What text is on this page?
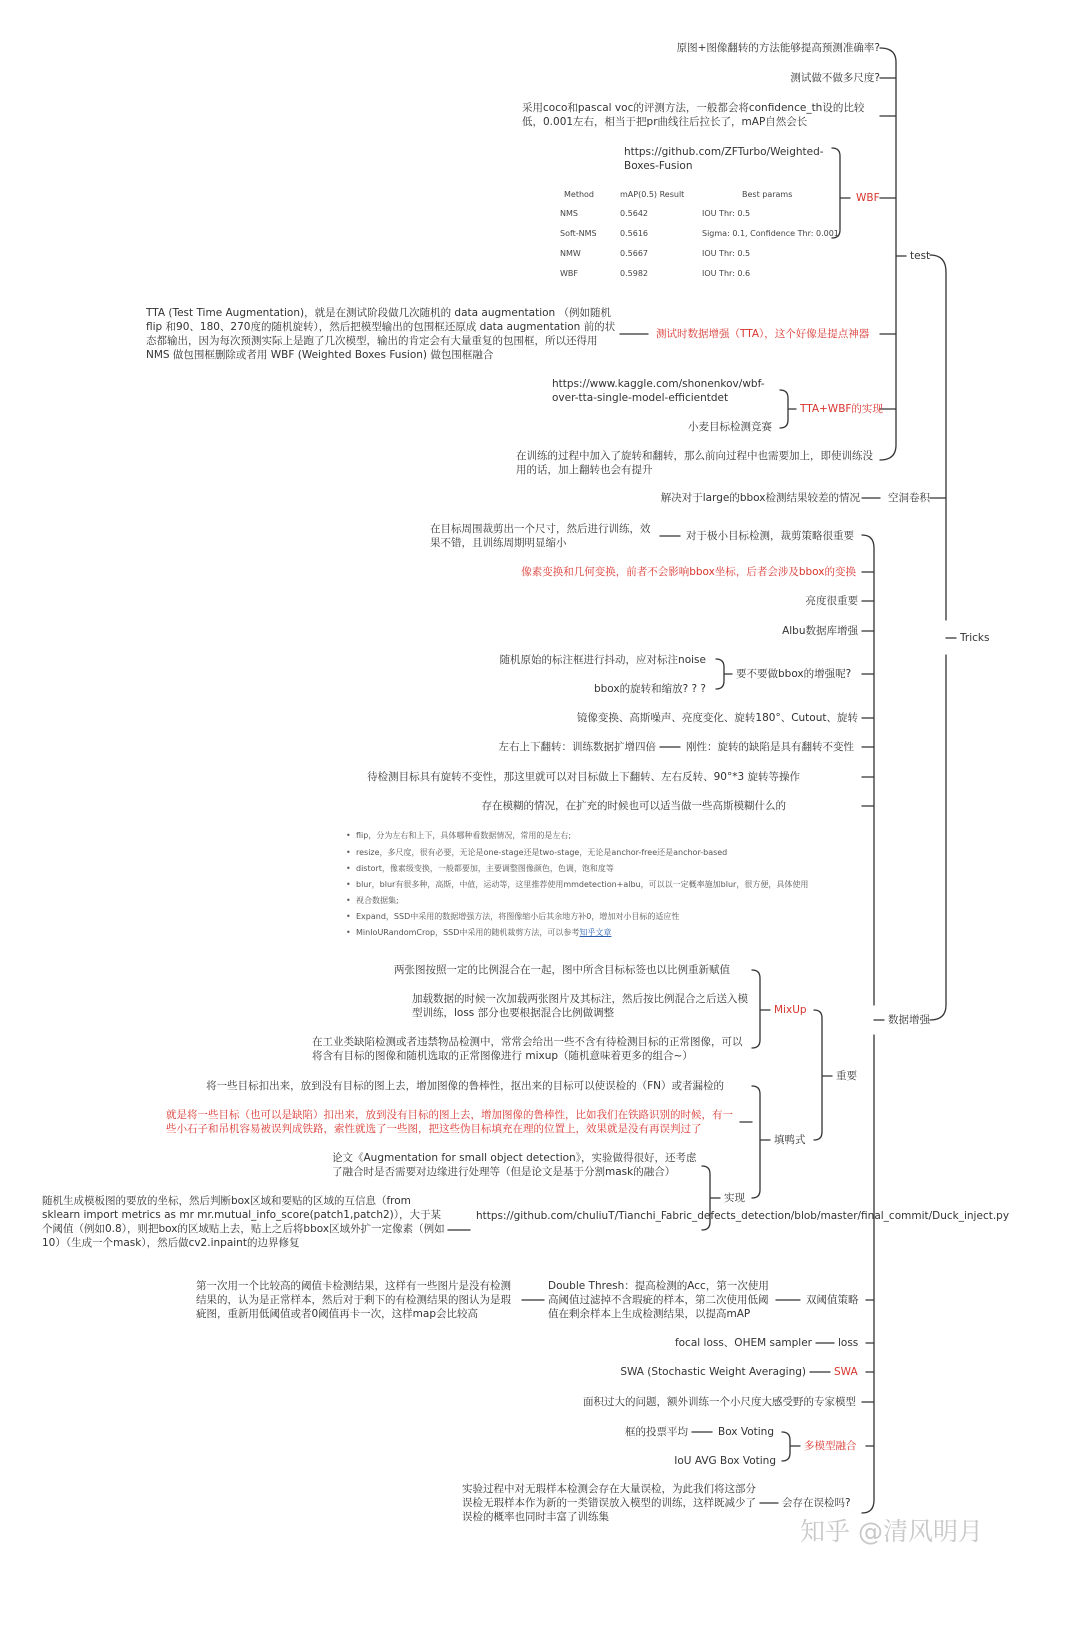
Tricks
test
数据增强
原图+图像翻转的方法能够提高预测准确率?
测试做不做多尺度?
采用coco和pascal voc的评测方法，一般都会将confidence_th设的比较低，0.001左右，相当于把pr曲线往后拉长了，mAP自然会长
WBF
https://github.com/ZFTurbo/Weighted-Boxes-Fusion
Method	mAP(0.5) Result	Best params
NMS	0.5642	IOU Thr: 0.5
Soft-NMS	0.5616	Sigma: 0.1, Confidence Thr: 0.001
NMW	0.5667	IOU Thr: 0.5
WBF	0.5982	IOU Thr: 0.6
测试时数据增强（TTA），这个好像是提点神器
TTA (Test Time Augmentation)，就是在测试阶段做几次随机的 data augmentation （例如随机flip 和90、180、270度的随机旋转），然后把模型输出的包围框还原成 data augmentation 前的状态都输出，因为每次预测实际上是跑了几次模型，输出的肯定会有大量重复的包围框，所以还得用 NMS 做包围框删除或者用 WBF (Weighted Boxes Fusion) 做包围框融合
TTA+WBF的实现
https://www.kaggle.com/shonenkov/wbf-over-tta-single-model-efficientdet
小麦目标检测竞赛
在训练的过程中加入了旋转和翻转，那么前向过程中也需要加上，即使训练没用的话，加上翻转也会有提升
空洞卷积
解决对于large的bbox检测结果较差的情况
对于极小目标检测，裁剪策略很重要
在目标周围裁剪出一个尺寸，然后进行训练，效果不错，且训练周期明显缩小
像素变换和几何变换，前者不会影响bbox坐标，后者会涉及bbox的变换
亮度很重要
Albu数据库增强
要不要做bbox的增强呢?
随机原始的标注框进行抖动，应对标注noise
bbox的旋转和缩放? ? ?
镜像变换、高斯噪声、亮度变化、旋转180°、Cutout、旋转
刚性：旋转的缺陷是具有翻转不变性
左右上下翻转：训练数据扩增四倍
待检测目标具有旋转不变性，那这里就可以对目标做上下翻转、左右反转、90°*3 旋转等操作
存在模糊的情况，在扩充的时候也可以适当做一些高斯模糊什么的
• flip，分为左右和上下，具体哪种看数据情况，常用的是左右;
• resize，多尺度，很有必要，无论是one-stage还是two-stage，无论是anchor-free还是anchor-based
• distort，像素级变换，一般都要加，主要调整图像颜色，色调，饱和度等
• blur，blur有很多种，高斯，中值，运动等，这里推荐使用mmdetection+albu，可以以一定概率施加blur，很方便，具体使用
• 视合数据集;
• Expand，SSD中采用的数据增强方法，将图像缩小后其余地方补0，增加对小目标的适应性
• MinIoURandomCrop，SSD中采用的随机裁剪方法，可以参考知乎文章
MixUp
重要
两张图按照一定的比例混合在一起，图中所含目标标签也以比例重新赋值
加载数据的时候一次加载两张图片及其标注，然后按比例混合之后送入模型训练，loss 部分也要根据混合比例做调整
在工业类缺陷检测或者违禁物品检测中，常常会给出一些不含有待检测目标的正常图像，可以将含有目标的图像和随机选取的正常图像进行 mixup（随机意味着更多的组合~）
填鸭式
将一些目标扣出来，放到没有目标的图上去，增加图像的鲁棒性，抠出来的目标可以使误检的（FN）或者漏检的
就是将一些目标（也可以是缺陷）扣出来，放到没有目标的图上去，增加图像的鲁棒性，比如我们在铁路识别的时候，有一些小石子和吊机容易被误判成铁路，索性就选了一些图，把这些伪目标填充在理的位置上，效果就是没有再误判过了
论文《Augmentation for small object detection》，实验做得很好，还考虑了融合时是否需要对边缘进行处理等（但是论文是基于分割mask的融合）
实现
https://github.com/chuliuT/Tianchi_Fabric_defects_detection/blob/master/final_commit/Duck_inject.py
随机生成模板图的要放的坐标，然后判断box区域和要贴的区域的互信息（from sklearn import metrics as mr mr.mutual_info_score(patch1,patch2)），大于某个阈值（例如0.8），则把box的区域贴上去，贴上之后将bbox区域外扩一定像素（例如10）（生成一个mask），然后做cv2.inpaint的边界修复
双阈值策略
Double Thresh：提高检测的Acc，第一次使用高阈值过滤掉不含瑕疵的样本，第二次使用低阈值在剩余样本上生成检测结果，以提高mAP
第一次用一个比较高的阈值卡检测结果，这样有一些图片是没有检测结果的，认为是正常样本，然后对于剩下的有检测结果的图认为是瑕疵图，重新用低阈值或者0阈值再卡一次，这样map会比较高
loss
focal loss、OHEM sampler
SWA
SWA (Stochastic Weight Averaging)
面积过大的问题，额外训练一个小尺度大感受野的专家模型
多模型融合
Box Voting
框的投票平均
IoU AVG Box Voting
会存在误检吗?
实验过程中对无瑕样本检测会存在大量误检，为此我们将这部分误检无瑕样本作为新的一类错误放入模型的训练，这样既减少了误检的概率也同时丰富了训练集	知乎 @清风明月
